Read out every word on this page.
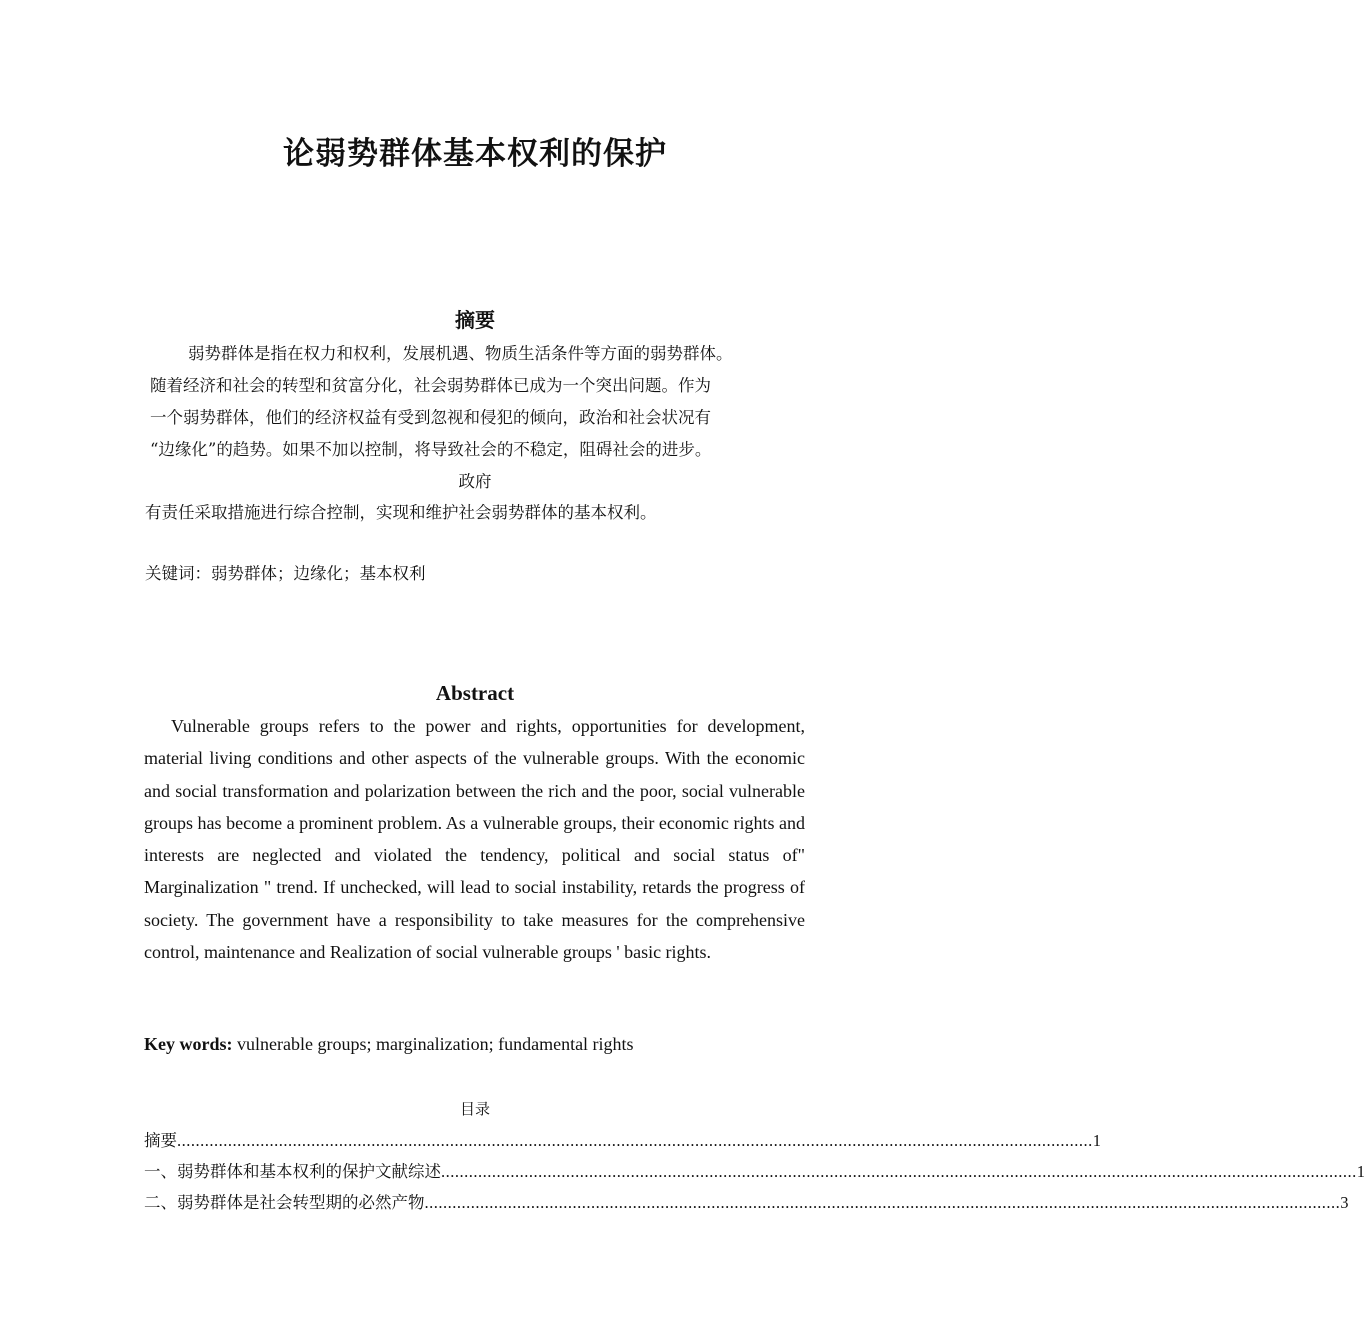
论弱势群体基本权利的保护
摘要
弱势群体是指在权力和权利，发展机遇、物质生活条件等方面的弱势群体。
随着经济和社会的转型和贫富分化，社会弱势群体已成为一个突出问题。作为
一个弱势群体，他们的经济权益有受到忽视和侵犯的倾向，政治和社会状况有
“边缘化”的趋势。如果不加以控制，将导致社会的不稳定，阻碍社会的进步。
政府
有责任采取措施进行综合控制，实现和维护社会弱势群体的基本权利。
关键词：弱势群体；边缘化；基本权利
Abstract
Vulnerable groups refers to the power and rights, opportunities for development, material living conditions and other aspects of the vulnerable groups. With the economic and social transformation and polarization between the rich and the poor, social vulnerable groups has become a prominent problem. As a vulnerable groups, their economic rights and interests are neglected and violated the tendency, political and social status of" Marginalization " trend. If unchecked, will lead to social instability, retards the progress of society. The government have a responsibility to take measures for the comprehensive control, maintenance and Realization of social vulnerable groups ' basic rights.
Key words: vulnerable groups; marginalization; fundamental rights
目录
摘要 ...................................................................................................................................................................................................... 1
一、弱势群体和基本权利的保护文献综述 ...................................................................................................................................................................................................... 1
二、弱势群体是社会转型期的必然产物 ...................................................................................................................................................................................................... 3
